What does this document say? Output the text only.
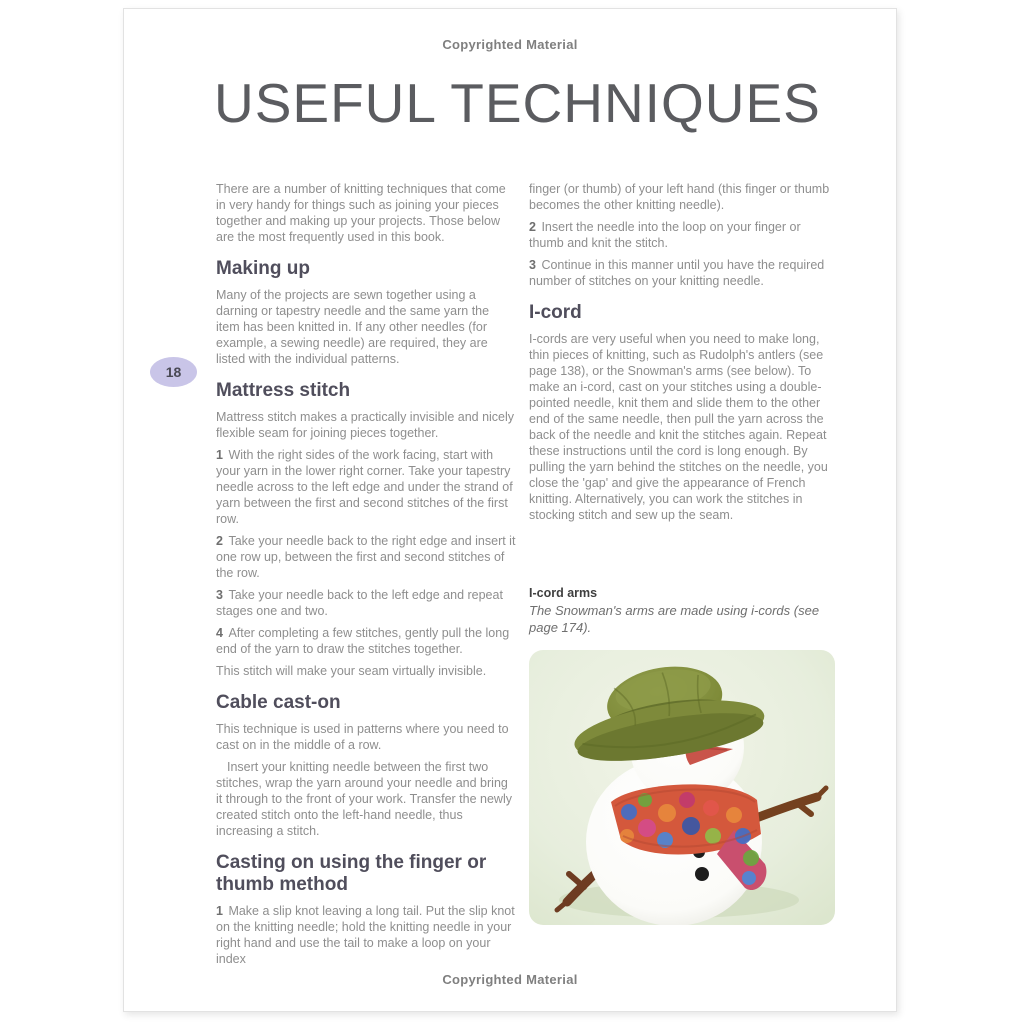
Copyrighted Material
USEFUL TECHNIQUES
18

There are a number of knitting techniques that come in very handy for things such as joining your pieces together and making up your projects. Those below are the most frequently used in this book.

Making up

Many of the projects are sewn together using a darning or tapestry needle and the same yarn the item has been knitted in. If any other needles (for example, a sewing needle) are required, they are listed with the individual patterns.

Mattress stitch

Mattress stitch makes a practically invisible and nicely flexible seam for joining pieces together.

1 With the right sides of the work facing, start with your yarn in the lower right corner. Take your tapestry needle across to the left edge and under the strand of yarn between the first and second stitches of the first row.

2 Take your needle back to the right edge and insert it one row up, between the first and second stitches of the row.

3 Take your needle back to the left edge and repeat stages one and two.

4 After completing a few stitches, gently pull the long end of the yarn to draw the stitches together.

This stitch will make your seam virtually invisible.

Cable cast-on

This technique is used in patterns where you need to cast on in the middle of a row.

Insert your knitting needle between the first two stitches, wrap the yarn around your needle and bring it through to the front of your work. Transfer the newly created stitch onto the left-hand needle, thus increasing a stitch.

Casting on using the finger or thumb method

1 Make a slip knot leaving a long tail. Put the slip knot on the knitting needle; hold the knitting needle in your right hand and use the tail to make a loop on your index

finger (or thumb) of your left hand (this finger or thumb becomes the other knitting needle).

2 Insert the needle into the loop on your finger or thumb and knit the stitch.

3 Continue in this manner until you have the required number of stitches on your knitting needle.

I-cord

I-cords are very useful when you need to make long, thin pieces of knitting, such as Rudolph's antlers (see page 138), or the Snowman's arms (see below). To make an i-cord, cast on your stitches using a double-pointed needle, knit them and slide them to the other end of the same needle, then pull the yarn across the back of the needle and knit the stitches again. Repeat these instructions until the cord is long enough. By pulling the yarn behind the stitches on the needle, you close the 'gap' and give the appearance of French knitting. Alternatively, you can work the stitches in stocking stitch and sew up the seam.

I-cord arms
The Snowman's arms are made using i-cords (see page 174).
Copyrighted Material
